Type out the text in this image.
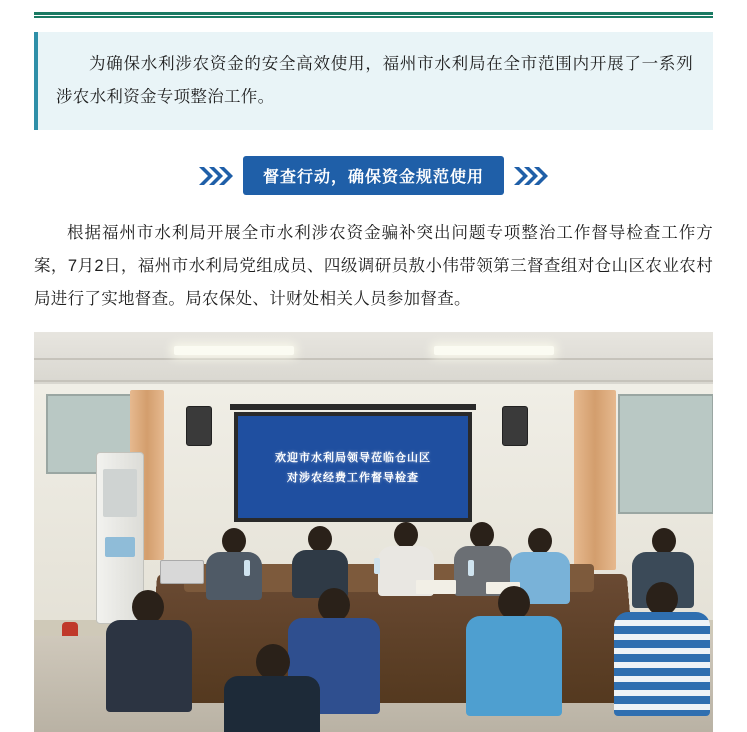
为确保水利涉农资金的安全高效使用，福州市水利局在全市范围内开展了一系列涉农水利资金专项整治工作。
督查行动，确保资金规范使用
根据福州市水利局开展全市水利涉农资金骗补突出问题专项整治工作督导检查工作方案，7月2日，福州市水利局党组成员、四级调研员敖小伟带领第三督查组对仓山区农业农村局进行了实地督查。局农保处、计财处相关人员参加督查。
欢迎市水利局领导莅临仓山区
对涉农经费工作督导检查
